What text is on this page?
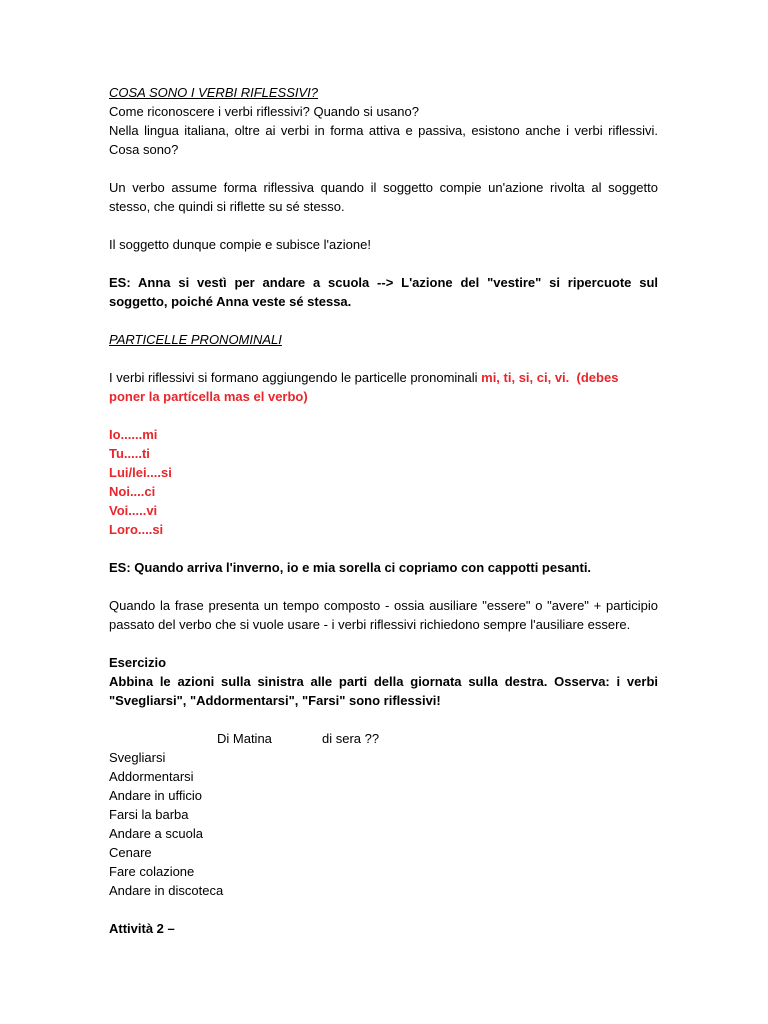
COSA SONO I VERBI RIFLESSIVI?

Come riconoscere i verbi riflessivi? Quando si usano?

Nella lingua italiana, oltre ai verbi in forma attiva e passiva, esistono anche i verbi riflessivi. Cosa sono?

Un verbo assume forma riflessiva quando il soggetto compie un'azione rivolta al soggetto stesso, che quindi si riflette su sé stesso.

Il soggetto dunque compie e subisce l'azione!

ES: Anna si vestì per andare a scuola --> L'azione del "vestire" si ripercuote sul soggetto, poiché Anna veste sé stessa.

PARTICELLE PRONOMINALI

I verbi riflessivi si formano aggiungendo le particelle pronominali mi, ti, si, ci, vi. (debes poner la partícella mas el verbo)

Io......mi

Tu.....ti

Lui/lei....si

Noi....ci

Voi.....vi

Loro....si

ES: Quando arriva l'inverno, io e mia sorella ci copriamo con cappotti pesanti.

Quando la frase presenta un tempo composto - ossia ausiliare "essere" o "avere" + participio passato del verbo che si vuole usare - i verbi riflessivi richiedono sempre l'ausiliare essere.

Esercizio

Abbina le azioni sulla sinistra alle parti della giornata sulla destra. Osserva: i verbi "Svegliarsi", "Addormentarsi", "Farsi" sono riflessivi!

Di Matina	di sera ??

Svegliarsi

Addormentarsi

Andare in ufficio

Farsi la barba

Andare a scuola

Cenare

Fare colazione

Andare in discoteca

Attività 2 –
